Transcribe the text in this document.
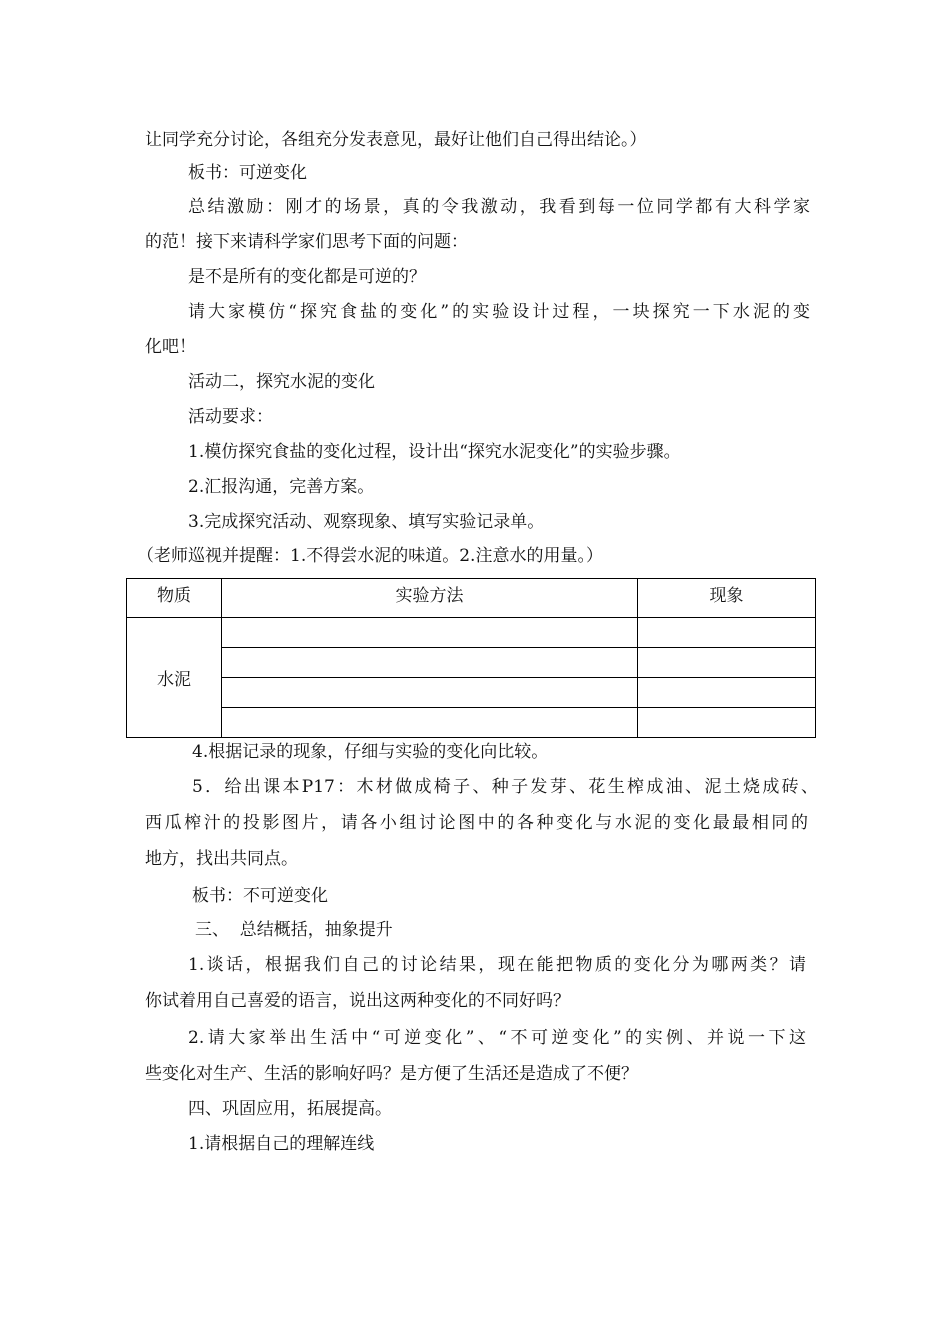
让同学充分讨论，各组充分发表意见，最好让他们自己得出结论。）
板书：可逆变化
总结激励：刚才的场景，真的令我激动，我看到每一位同学都有大科学家
的范！接下来请科学家们思考下面的问题：
是不是所有的变化都是可逆的？
请大家模仿“探究食盐的变化”的实验设计过程，一块探究一下水泥的变
化吧！
活动二，探究水泥的变化
活动要求：
1.模仿探究食盐的变化过程，设计出“探究水泥变化”的实验步骤。
2.汇报沟通，完善方案。
3.完成探究活动、观察现象、填写实验记录单。
（老师巡视并提醒：1.不得尝水泥的味道。2.注意水的用量。）
物质	实验方法	现象
水泥		

4.根据记录的现象，仔细与实验的变化向比较。
5．给出课本P17：木材做成椅子、种子发芽、花生榨成油、泥土烧成砖、
西瓜榨汁的投影图片，请各小组讨论图中的各种变化与水泥的变化最最相同的
地方，找出共同点。
板书：不可逆变化
三、  总结概括，抽象提升
1.谈话，根据我们自己的讨论结果，现在能把物质的变化分为哪两类？请
你试着用自己喜爱的语言，说出这两种变化的不同好吗？
2.请大家举出生活中“可逆变化”、“不可逆变化”的实例、并说一下这
些变化对生产、生活的影响好吗？是方便了生活还是造成了不便？
四、巩固应用，拓展提高。
1.请根据自己的理解连线
